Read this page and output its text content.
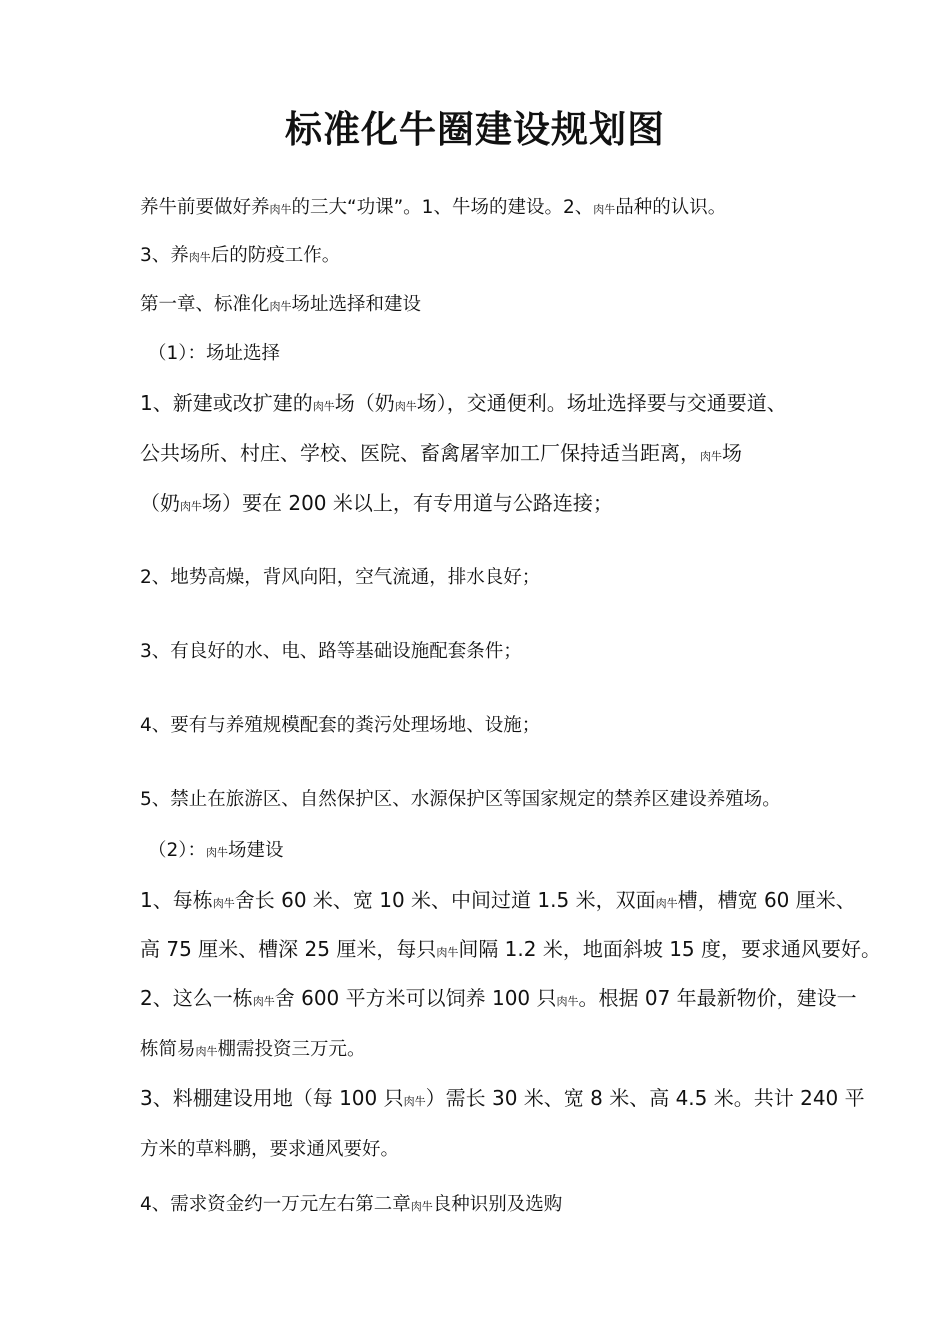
标准化牛圈建设规划图
养牛前要做好养肉牛的三大“功课”。1、牛场的建设。2、肉牛品种的认识。
3、养肉牛后的防疫工作。
第一章、标准化肉牛场址选择和建设
（1）：场址选择
1、新建或改扩建的肉牛场（奶肉牛场），交通便利。场址选择要与交通要道、
公共场所、村庄、学校、医院、畜禽屠宰加工厂保持适当距离，肉牛场
（奶肉牛场）要在 200 米以上，有专用道与公路连接；
2、地势高燥，背风向阳，空气流通，排水良好；
3、有良好的水、电、路等基础设施配套条件；
4、要有与养殖规模配套的粪污处理场地、设施；
5、禁止在旅游区、自然保护区、水源保护区等国家规定的禁养区建设养殖场。
（2）：肉牛场建设
1、每栋肉牛舍长 60 米、宽 10 米、中间过道 1.5 米，双面肉牛槽，槽宽 60 厘米、
高 75 厘米、槽深 25 厘米，每只肉牛间隔 1.2 米，地面斜坡 15 度，要求通风要好。
2、这么一栋肉牛舍 600 平方米可以饲养 100 只肉牛。根据 07 年最新物价，建设一
栋简易肉牛棚需投资三万元。
3、料棚建设用地（每 100 只肉牛）需长 30 米、宽 8 米、高 4.5 米。共计 240 平
方米的草料鹏，要求通风要好。
4、需求资金约一万元左右第二章肉牛良种识别及选购
